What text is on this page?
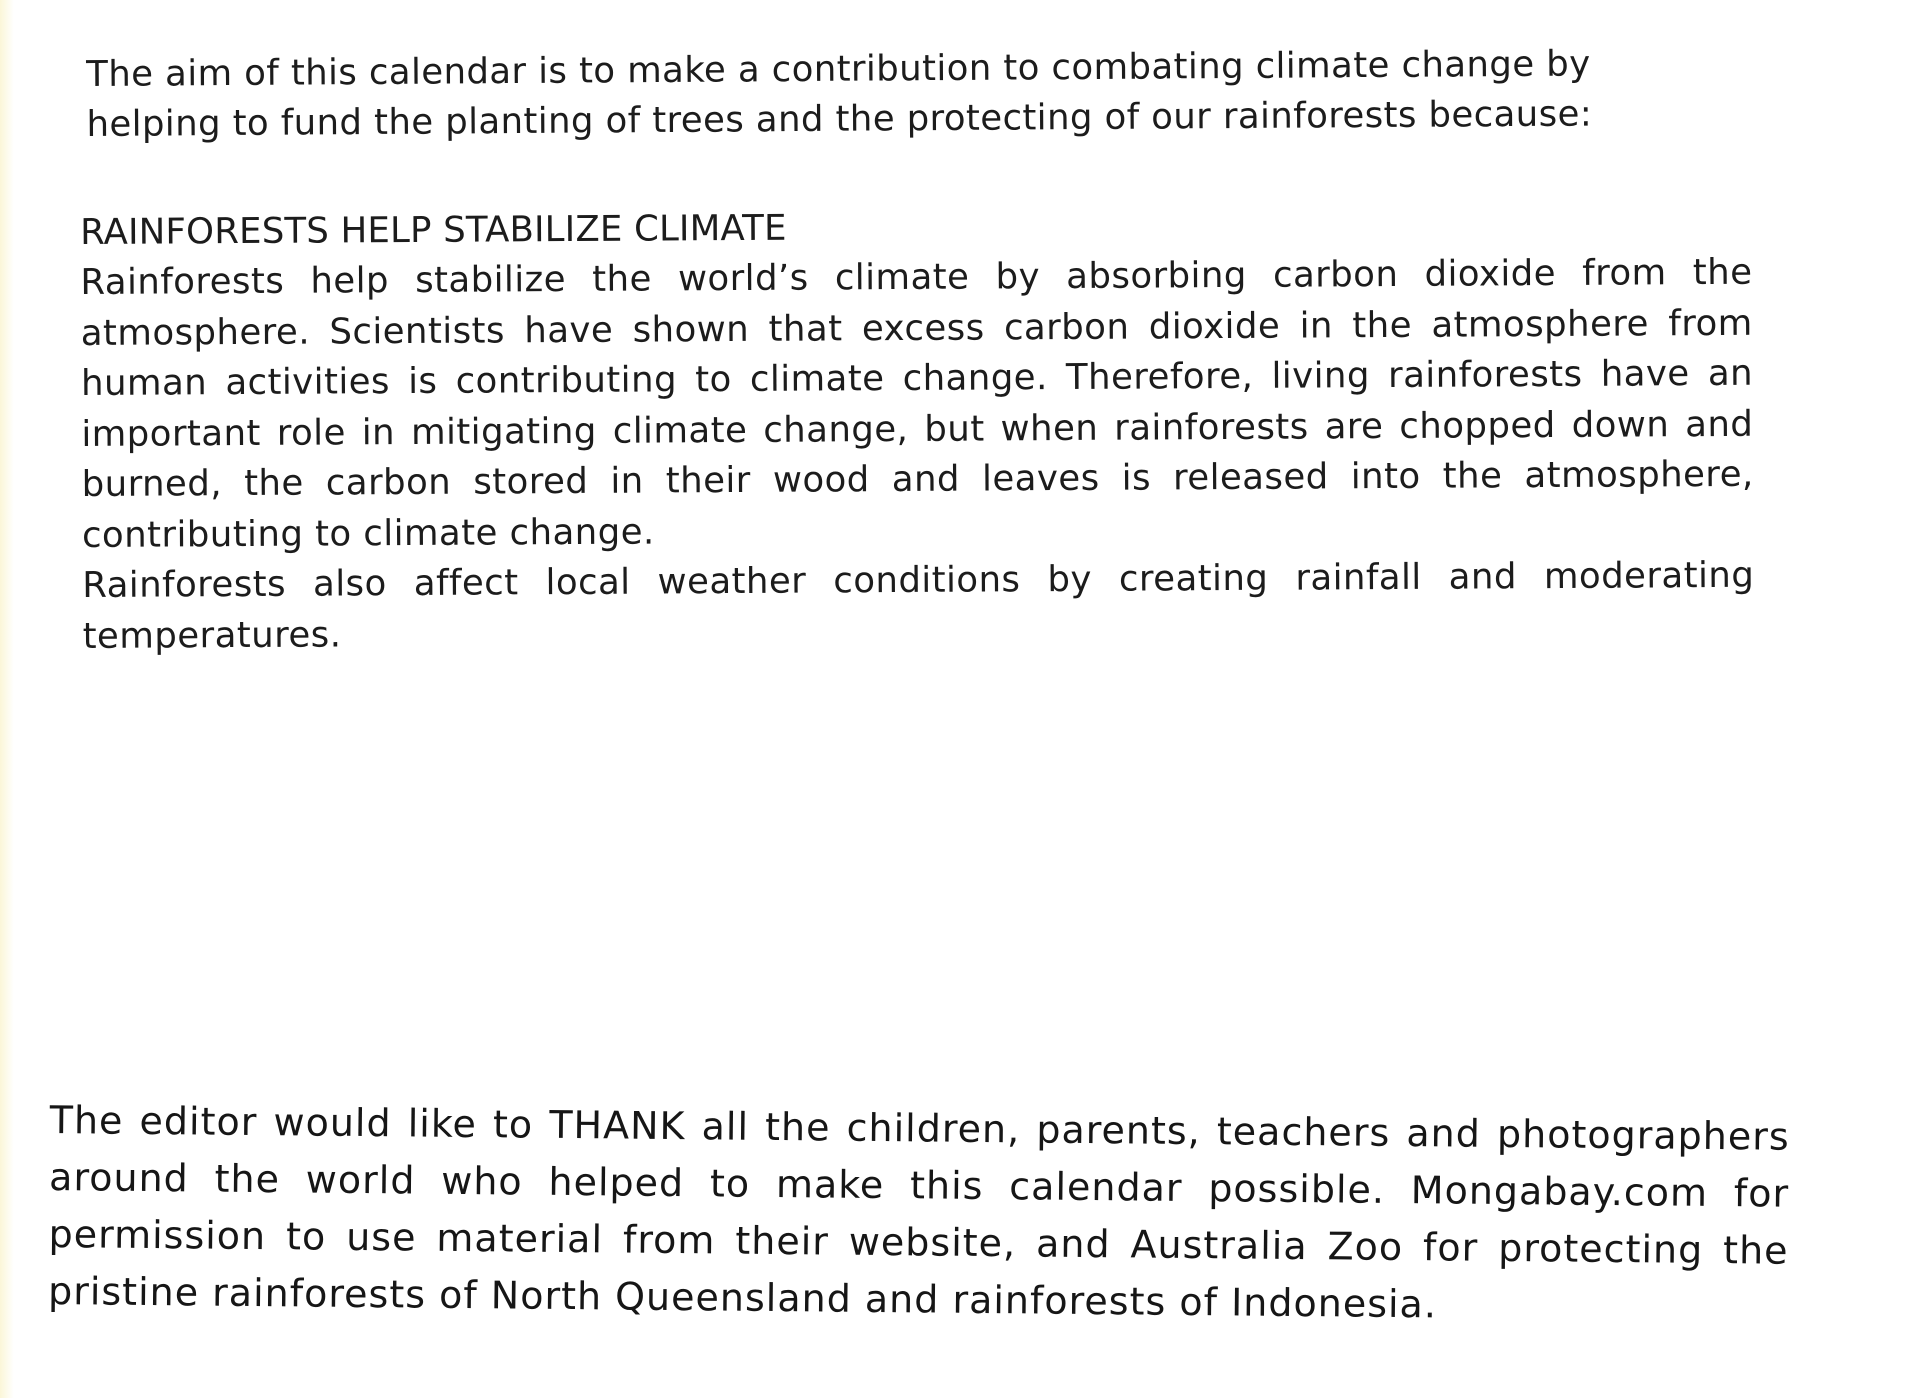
The aim of this calendar is to make a contribution to combating climate change by helping to fund the planting of trees and the protecting of our rainforests because:

RAINFORESTS HELP STABILIZE CLIMATE

Rainforests help stabilize the world’s climate by absorbing carbon dioxide from the atmosphere. Scientists have shown that excess carbon dioxide in the atmosphere from human activities is contributing to climate change. Therefore, living rainforests have an important role in mitigating climate change, but when rainforests are chopped down and burned, the carbon stored in their wood and leaves is released into the atmosphere, contributing to climate change.

Rainforests also affect local weather conditions by creating rainfall and moderating temperatures.

The editor would like to THANK all the children, parents, teachers and photographers around the world who helped to make this calendar possible. Mongabay.com for permission to use material from their website, and Australia Zoo for protecting the pristine rainforests of North Queensland and rainforests of Indonesia.
